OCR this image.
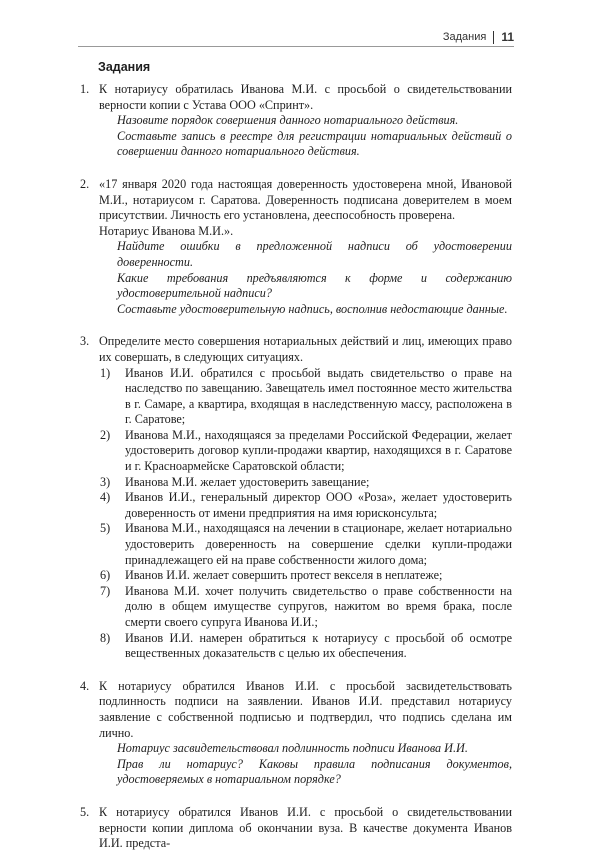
Задания 11
Задания
1. К нотариусу обратилась Иванова М.И. с просьбой о свидетельствовании верности копии с Устава ООО «Спринт».

Назовите порядок совершения данного нотариального действия.

Составьте запись в реестре для регистрации нотариальных действий о совершении данного нотариального действия.

2. «17 января 2020 года настоящая доверенность удостоверена мной, Ивановой М.И., нотариусом г. Саратова. Доверенность подписана доверителем в моем присутствии. Личность его установлена, дееспособность проверена.

Нотариус Иванова М.И.».

Найдите ошибки в предложенной надписи об удостоверении доверенности.

Какие требования предъявляются к форме и содержанию удостоверительной надписи?

Составьте удостоверительную надпись, восполнив недостающие данные.

3. Определите место совершения нотариальных действий и лиц, имеющих право их совершать, в следующих ситуациях.

1) Иванов И.И. обратился с просьбой выдать свидетельство о праве на наследство по завещанию. Завещатель имел постоянное место жительства в г. Самаре, а квартира, входящая в наследственную массу, расположена в г. Саратове;
2) Иванова М.И., находящаяся за пределами Российской Федерации, желает удостоверить договор купли-продажи квартир, находящихся в г. Саратове и г. Красноармейске Саратовской области;
3) Иванова М.И. желает удостоверить завещание;
4) Иванов И.И., генеральный директор ООО «Роза», желает удостоверить доверенность от имени предприятия на имя юрисконсульта;
5) Иванова М.И., находящаяся на лечении в стационаре, желает нотариально удостоверить доверенность на совершение сделки купли-продажи принадлежащего ей на праве собственности жилого дома;
6) Иванов И.И. желает совершить протест векселя в неплатеже;
7) Иванова М.И. хочет получить свидетельство о праве собственности на долю в общем имуществе супругов, нажитом во время брака, после смерти своего супруга Иванова И.И.;
8) Иванов И.И. намерен обратиться к нотариусу с просьбой об осмотре вещественных доказательств с целью их обеспечения.
4. К нотариусу обратился Иванов И.И. с просьбой засвидетельствовать подлинность подписи на заявлении. Иванов И.И. представил нотариусу заявление с собственной подписью и подтвердил, что подпись сделана им лично.

Нотариус засвидетельствовал подлинность подписи Иванова И.И.

Прав ли нотариус? Каковы правила подписания документов, удостоверяемых в нотариальном порядке?

5. К нотариусу обратился Иванов И.И. с просьбой о свидетельствовании верности копии диплома об окончании вуза. В качестве документа Иванов И.И. предста-
